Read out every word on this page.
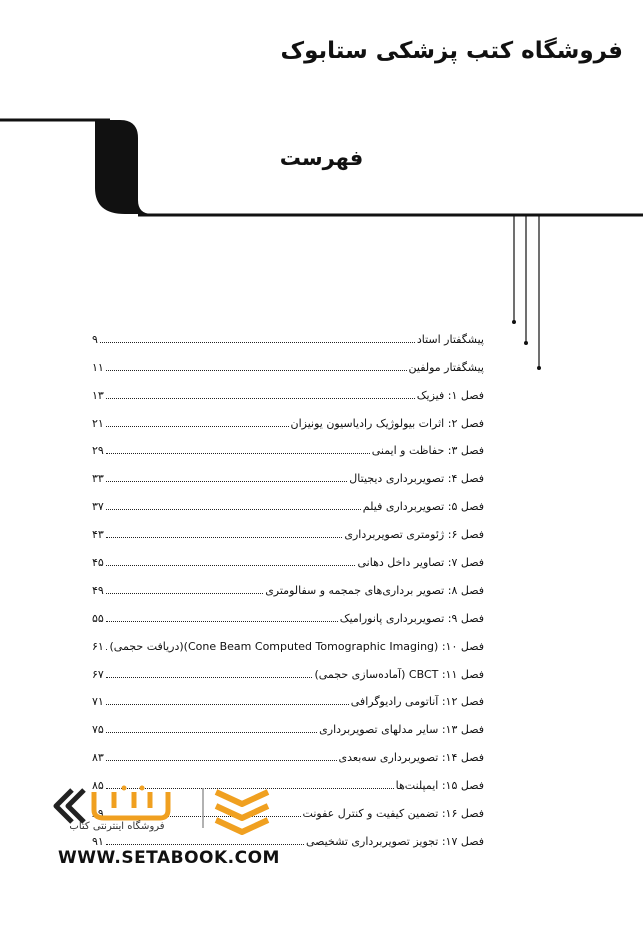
فروشگاه کتب پزشکی ستابوک
فهرست
پیشگفتار استاد
۹
پیشگفتار مولفین
۱۱
فصل ۱: فیزیک
۱۳
فصل ۲: اثرات بیولوژیک رادیاسیون یونیزان
۲۱
فصل ۳: حفاظت و ایمنی
۲۹
فصل ۴: تصویربرداری دیجیتال
۳۳
فصل ۵: تصویربرداری فیلم
۳۷
فصل ۶: ژئومتری تصویربرداری
۴۳
فصل ۷: تصاویر داخل دهانی
۴۵
فصل ۸: تصویر برداری‌های جمجمه و سفالومتری
۴۹
فصل ۹: تصویربرداری پانورامیک
۵۵
فصل ۱۰: (Cone Beam Computed Tomographic Imaging)(دریافت حجمی)
۶۱
فصل ۱۱: CBCT (آماده‌سازی حجمی)
۶۷
فصل ۱۲: آناتومی رادیوگرافی
۷۱
فصل ۱۳: سایر مدلهای تصویربرداری
۷۵
فصل ۱۴: تصویربرداری سه‌بعدی
۸۳
فصل ۱۵: ایمپلنت‌ها
۸۵
فصل ۱۶: تضمین کیفیت و کنترل عفونت
۸۹
فصل ۱۷: تجویز تصویربرداری تشخیصی
۹۱
فروشگاه اینترنتی کتاب
WWW.SETABOOK.COM
